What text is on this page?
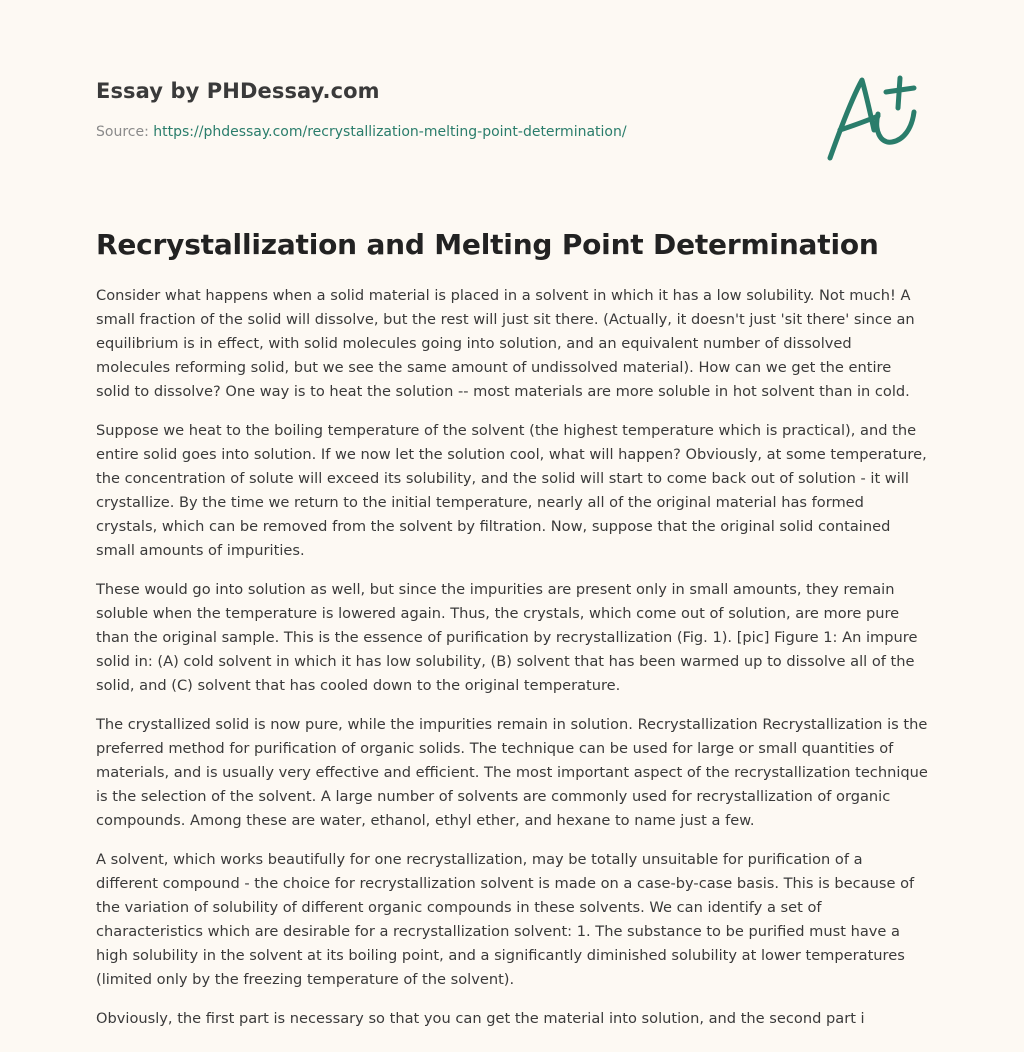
Essay by PHDessay.com
Source: https://phdessay.com/recrystallization-melting-point-determination/
Recrystallization and Melting Point Determination

Consider what happens when a solid material is placed in a solvent in which it has a low solubility. Not much! A small fraction of the solid will dissolve, but the rest will just sit there. (Actually, it doesn't just 'sit there' since an equilibrium is in effect, with solid molecules going into solution, and an equivalent number of dissolved molecules reforming solid, but we see the same amount of undissolved material). How can we get the entire solid to dissolve? One way is to heat the solution -- most materials are more soluble in hot solvent than in cold.

Suppose we heat to the boiling temperature of the solvent (the highest temperature which is practical), and the entire solid goes into solution. If we now let the solution cool, what will happen? Obviously, at some temperature, the concentration of solute will exceed its solubility, and the solid will start to come back out of solution - it will crystallize. By the time we return to the initial temperature, nearly all of the original material has formed crystals, which can be removed from the solvent by filtration. Now, suppose that the original solid contained small amounts of impurities.

These would go into solution as well, but since the impurities are present only in small amounts, they remain soluble when the temperature is lowered again. Thus, the crystals, which come out of solution, are more pure than the original sample. This is the essence of purification by recrystallization (Fig. 1). [pic] Figure 1: An impure solid in: (A) cold solvent in which it has low solubility, (B) solvent that has been warmed up to dissolve all of the solid, and (C) solvent that has cooled down to the original temperature.

The crystallized solid is now pure, while the impurities remain in solution. Recrystallization Recrystallization is the preferred method for purification of organic solids. The technique can be used for large or small quantities of materials, and is usually very effective and efficient. The most important aspect of the recrystallization technique is the selection of the solvent. A large number of solvents are commonly used for recrystallization of organic compounds. Among these are water, ethanol, ethyl ether, and hexane to name just a few.

A solvent, which works beautifully for one recrystallization, may be totally unsuitable for purification of a different compound - the choice for recrystallization solvent is made on a case-by-case basis. This is because of the variation of solubility of different organic compounds in these solvents. We can identify a set of characteristics which are desirable for a recrystallization solvent: 1. The substance to be purified must have a high solubility in the solvent at its boiling point, and a significantly diminished solubility at lower temperatures (limited only by the freezing temperature of the solvent).

Obviously, the first part is necessary so that you can get the material into solution, and the second part i
